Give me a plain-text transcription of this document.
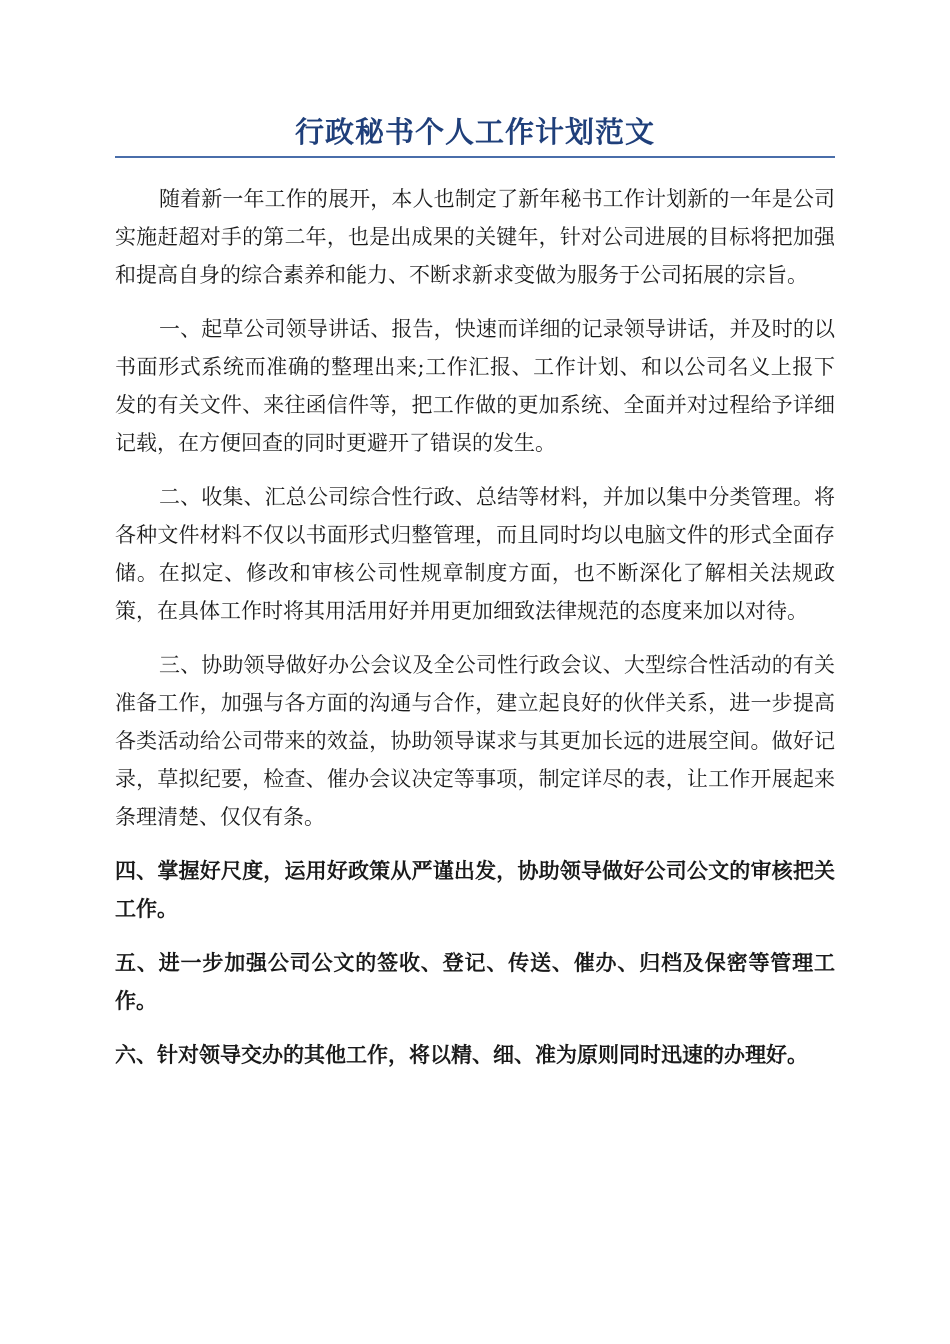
行政秘书个人工作计划范文

随着新一年工作的展开，本人也制定了新年秘书工作计划新的一年是公司实施赶超对手的第二年，也是出成果的关键年，针对公司进展的目标将把加强和提高自身的综合素养和能力、不断求新求变做为服务于公司拓展的宗旨。

一、起草公司领导讲话、报告，快速而详细的记录领导讲话，并及时的以书面形式系统而准确的整理出来;工作汇报、工作计划、和以公司名义上报下发的有关文件、来往函信件等，把工作做的更加系统、全面并对过程给予详细记载，在方便回查的同时更避开了错误的发生。

二、收集、汇总公司综合性行政、总结等材料，并加以集中分类管理。将各种文件材料不仅以书面形式归整管理，而且同时均以电脑文件的形式全面存储。在拟定、修改和审核公司性规章制度方面，也不断深化了解相关法规政策，在具体工作时将其用活用好并用更加细致法律规范的态度来加以对待。

三、协助领导做好办公会议及全公司性行政会议、大型综合性活动的有关准备工作，加强与各方面的沟通与合作，建立起良好的伙伴关系，进一步提高各类活动给公司带来的效益，协助领导谋求与其更加长远的进展空间。做好记录，草拟纪要，检查、催办会议决定等事项，制定详尽的表，让工作开展起来条理清楚、仅仅有条。

四、掌握好尺度，运用好政策从严谨出发，协助领导做好公司公文的审核把关工作。

五、进一步加强公司公文的签收、登记、传送、催办、归档及保密等管理工作。

六、针对领导交办的其他工作，将以精、细、准为原则同时迅速的办理好。
